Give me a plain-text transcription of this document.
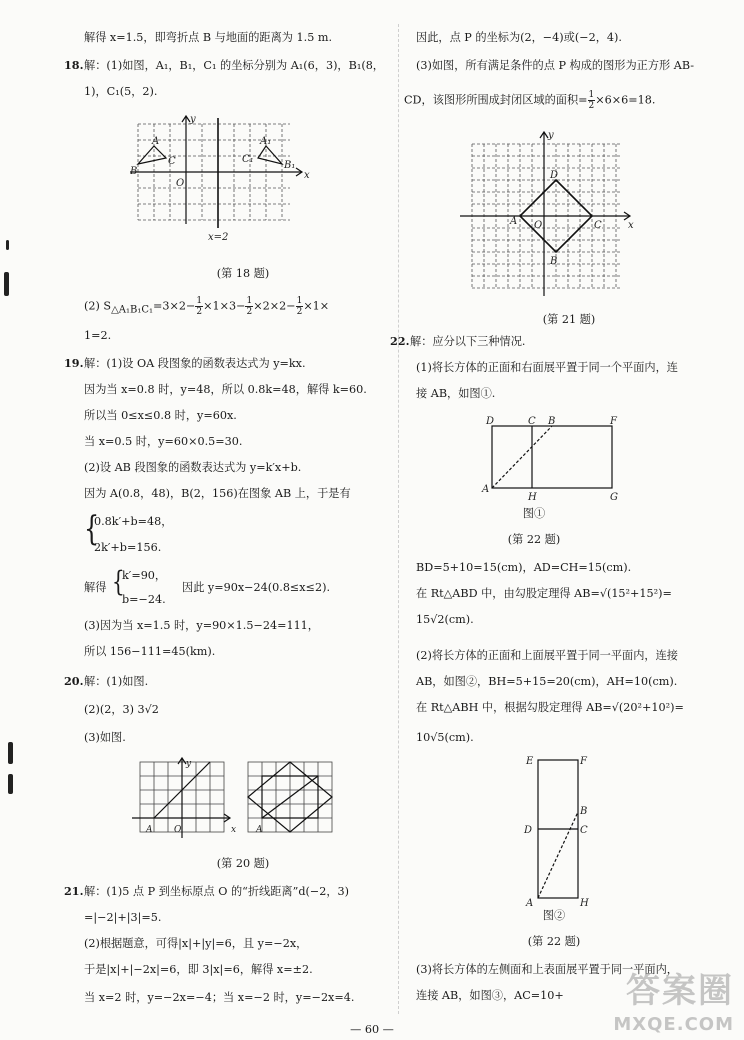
解得 x=1.5，即弯折点 B 与地面的距离为 1.5 m.
18. 解：(1)如图，A₁，B₁，C₁ 的坐标分别为 A₁(6，3)，B₁(8，
1)，C₁(5，2).
y
x
O
A
B
C
A₁
B₁
C₁
x=2
(第 18 题)
(2) $S_{\triangle A_1B_1C_1}=3\times 2- \frac{1}{2} \times 1\times 3- \frac{1}{2} \times 2\times 2- \frac{1}{2} \times 1\times$
1=2.
19. 解：(1)设 OA 段图象的函数表达式为 y=kx.
因为当 x=0.8 时，y=48，所以 0.8k=48，解得 k=60.
所以当 0≤x≤0.8 时，y=60x.
当 x=0.5 时，y=60×0.5=30.
(2)设 AB 段图象的函数表达式为 y=k′x+b.
因为 A(0.8，48)，B(2，156)在图象 AB 上，于是有
{
0.8k′+b=48，
2k′+b=156.
解得 {
k′=90，
b=−24.
因此 y=90x−24(0.8≤x≤2).
(3)因为当 x=1.5 时，y=90×1.5−24=111，
所以 156−111=45(km).
20. 解：(1)如图.
(2)(2，3) 3√2
(3)如图.
y
x
O
A	A
(第 20 题)
21. 解：(1)5 点 P 到坐标原点 O 的“折线距离”d(−2，3)
=|−2|+|3|=5.
(2)根据题意，可得|x|+|y|=6，且 y=−2x，
于是|x|+|−2x|=6，即 3|x|=6，解得 x=±2.
当 x=2 时，y=−2x=−4；当 x=−2 时，y=−2x=4.
因此，点 P 的坐标为(2，−4)或(−2，4).
(3)如图，所有满足条件的点 P 构成的图形为正方形 AB-
CD，该图形所围成封闭区域的面积= $\frac{1}{2} \times 6\times 6=18$.
y
x
O
A
B
C
D
(第 21 题)
22. 解：应分以下三种情况.
(1)将长方体的正面和右面展平置于同一个平面内，连
接 AB，如图①.
D	C B	F
A
H	G
图①
(第 22 题)
BD=5+10=15(cm)，AD=CH=15(cm).
在 Rt△ABD 中，由勾股定理得 AB=√(15²+15²)=
15√2(cm).
(2)将长方体的正面和上面展平置于同一平面内，连接
AB，如图②，BH=5+15=20(cm)，AH=10(cm).
在 Rt△ABH 中，根据勾股定理得 AB=√(20²+10²)=
10√5(cm).
E	F
B
D	C
A	H
图②
(第 22 题)
(3)将长方体的左侧面和上表面展平置于同一平面内，
连接 AB，如图③，AC=10+
— 60 —
答案圈
MXQE.COM
